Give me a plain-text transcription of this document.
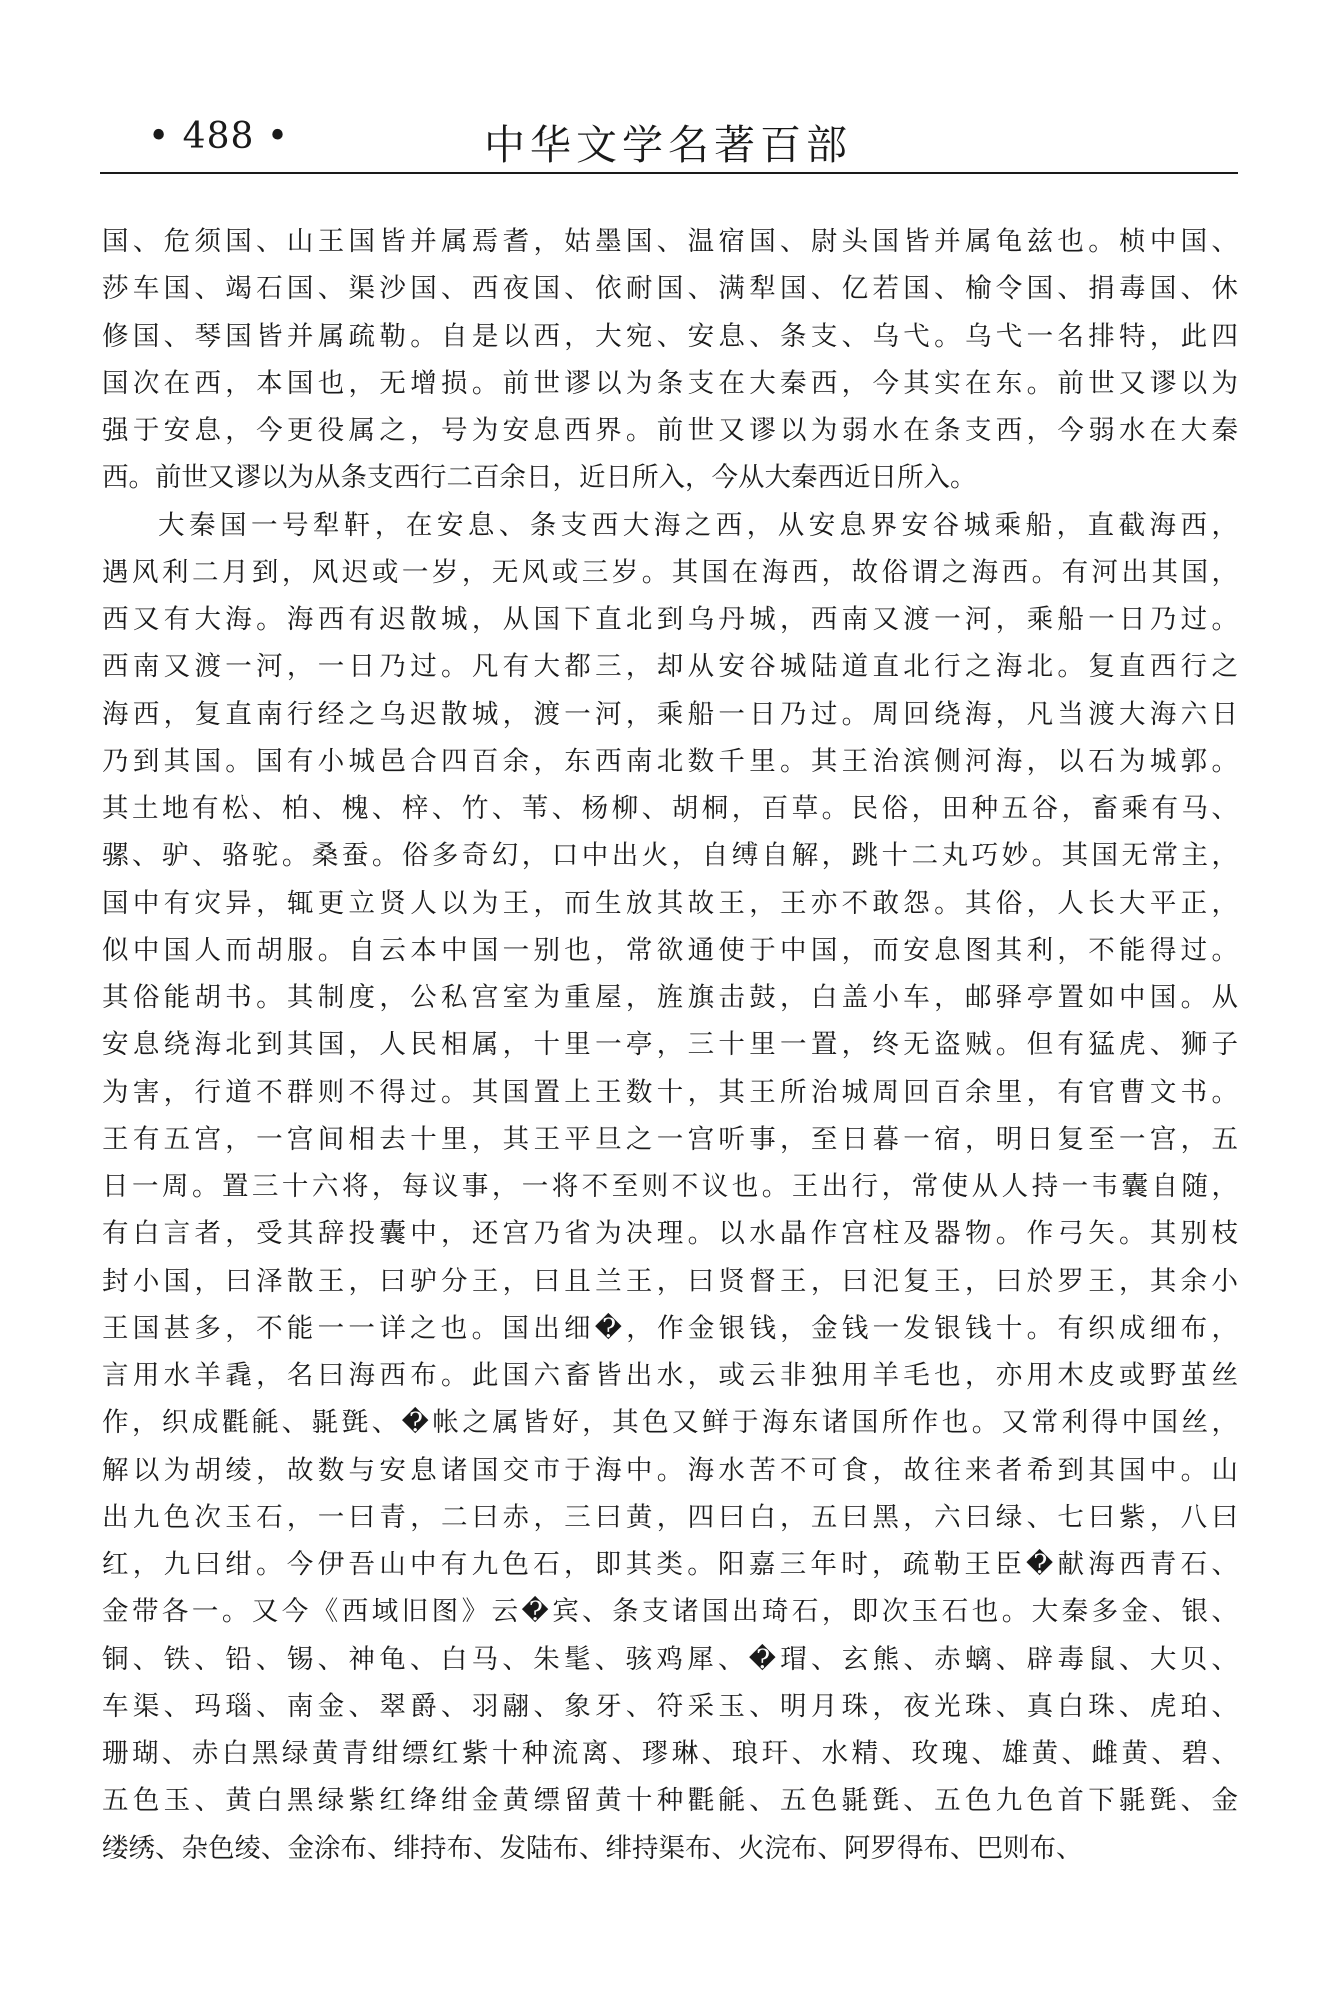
• 488 •	中华文学名著百部
国、危须国、山王国皆并属焉耆，姑墨国、温宿国、尉头国皆并属龟兹也。桢中国、
莎车国、竭石国、渠沙国、西夜国、依耐国、满犁国、亿若国、榆令国、捐毒国、休
修国、琴国皆并属疏勒。自是以西，大宛、安息、条支、乌弋。乌弋一名排特，此四
国次在西，本国也，无增损。前世谬以为条支在大秦西，今其实在东。前世又谬以为
强于安息，今更役属之，号为安息西界。前世又谬以为弱水在条支西，今弱水在大秦
西。前世又谬以为从条支西行二百余日，近日所入，今从大秦西近日所入。
大秦国一号犁靬，在安息、条支西大海之西，从安息界安谷城乘船，直截海西，
遇风利二月到，风迟或一岁，无风或三岁。其国在海西，故俗谓之海西。有河出其国，
西又有大海。海西有迟散城，从国下直北到乌丹城，西南又渡一河，乘船一日乃过。
西南又渡一河，一日乃过。凡有大都三，却从安谷城陆道直北行之海北。复直西行之
海西，复直南行经之乌迟散城，渡一河，乘船一日乃过。周回绕海，凡当渡大海六日
乃到其国。国有小城邑合四百余，东西南北数千里。其王治滨侧河海，以石为城郭。
其土地有松、柏、槐、梓、竹、苇、杨柳、胡桐，百草。民俗，田种五谷，畜乘有马、
骡、驴、骆驼。桑蚕。俗多奇幻，口中出火，自缚自解，跳十二丸巧妙。其国无常主，
国中有灾异，辄更立贤人以为王，而生放其故王，王亦不敢怨。其俗，人长大平正，
似中国人而胡服。自云本中国一别也，常欲通使于中国，而安息图其利，不能得过。
其俗能胡书。其制度，公私宫室为重屋，旌旗击鼓，白盖小车，邮驿亭置如中国。从
安息绕海北到其国，人民相属，十里一亭，三十里一置，终无盗贼。但有猛虎、狮子
为害，行道不群则不得过。其国置上王数十，其王所治城周回百余里，有官曹文书。
王有五宫，一宫间相去十里，其王平旦之一宫听事，至日暮一宿，明日复至一宫，五
日一周。置三十六将，每议事，一将不至则不议也。王出行，常使从人持一韦囊自随，
有白言者，受其辞投囊中，还宫乃省为决理。以水晶作宫柱及器物。作弓矢。其别枝
封小国，曰泽散王，曰驴分王，曰且兰王，曰贤督王，曰汜复王，曰於罗王，其余小
王国甚多，不能一一详之也。国出细�，作金银钱，金钱一发银钱十。有织成细布，
言用水羊毳，名曰海西布。此国六畜皆出水，或云非独用羊毛也，亦用木皮或野茧丝
作，织成氍毹、毾㲪、�帐之属皆好，其色又鲜于海东诸国所作也。又常利得中国丝，
解以为胡绫，故数与安息诸国交市于海中。海水苦不可食，故往来者希到其国中。山
出九色次玉石，一曰青，二曰赤，三曰黄，四曰白，五曰黑，六曰绿、七曰紫，八曰
红，九曰绀。今伊吾山中有九色石，即其类。阳嘉三年时，疏勒王臣�献海西青石、
金带各一。又今《西域旧图》云�宾、条支诸国出琦石，即次玉石也。大秦多金、银、
铜、铁、铅、锡、神龟、白马、朱髦、骇鸡犀、�瑁、玄熊、赤螭、辟毒鼠、大贝、
车渠、玛瑙、南金、翠爵、羽翮、象牙、符采玉、明月珠，夜光珠、真白珠、虎珀、
珊瑚、赤白黑绿黄青绀缥红紫十种流离、璆琳、琅玕、水精、玫瑰、雄黄、雌黄、碧、
五色玉、黄白黑绿紫红绛绀金黄缥留黄十种氍毹、五色毾㲪、五色九色首下毾㲪、金
缕绣、杂色绫、金涂布、绯持布、发陆布、绯持渠布、火浣布、阿罗得布、巴则布、
